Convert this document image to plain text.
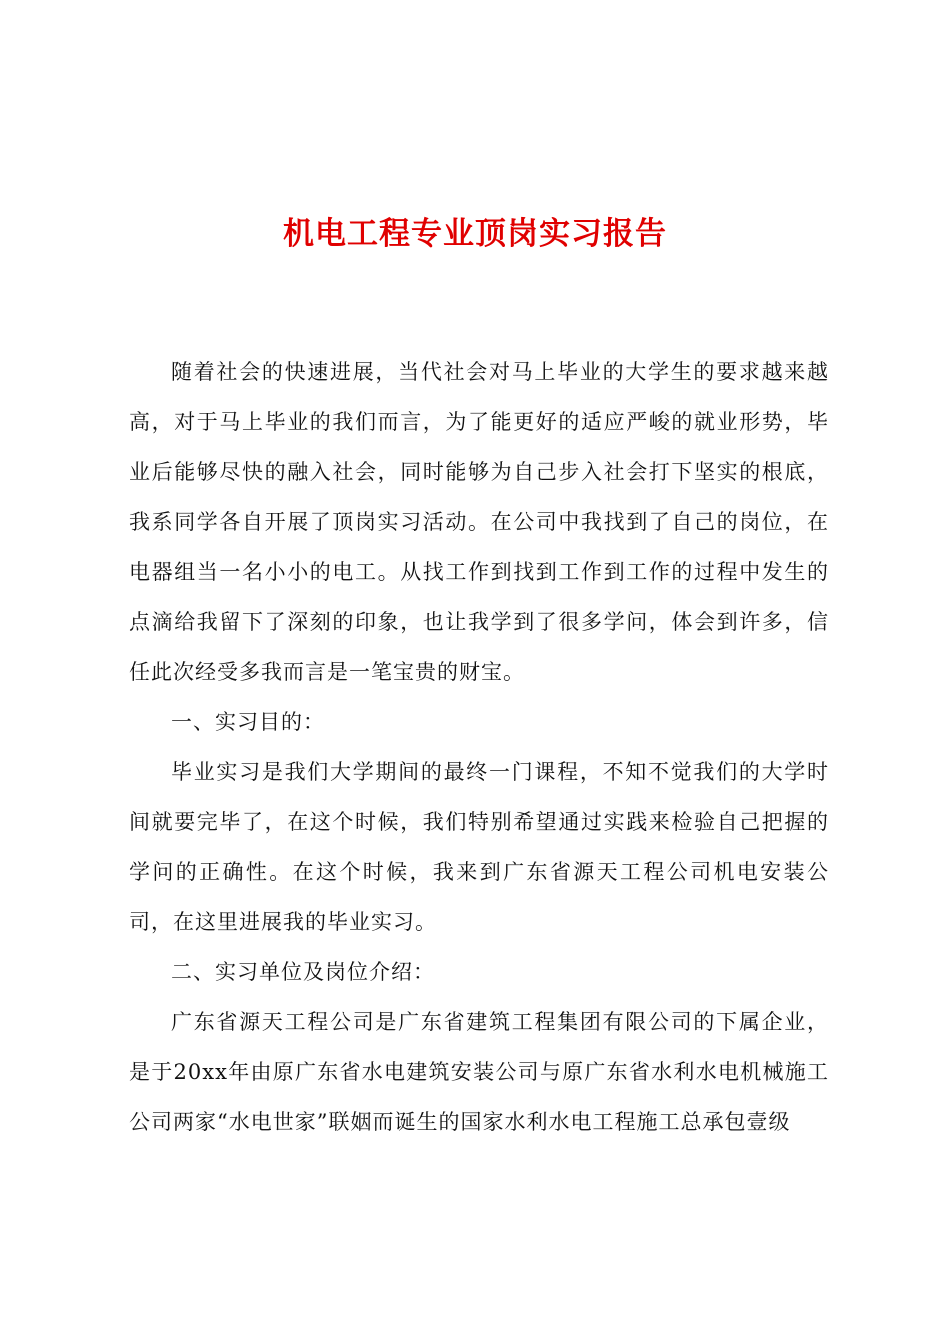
机电工程专业顶岗实习报告

随着社会的快速进展，当代社会对马上毕业的大学生的要求越来越高，对于马上毕业的我们而言，为了能更好的适应严峻的就业形势，毕业后能够尽快的融入社会，同时能够为自己步入社会打下坚实的根底，我系同学各自开展了顶岗实习活动。在公司中我找到了自己的岗位，在电器组当一名小小的电工。从找工作到找到工作到工作的过程中发生的点滴给我留下了深刻的印象，也让我学到了很多学问，体会到许多，信任此次经受多我而言是一笔宝贵的财宝。

一、实习目的：

毕业实习是我们大学期间的最终一门课程，不知不觉我们的大学时间就要完毕了，在这个时候，我们特别希望通过实践来检验自己把握的学问的正确性。在这个时候，我来到广东省源天工程公司机电安装公司，在这里进展我的毕业实习。

二、实习单位及岗位介绍：

广东省源天工程公司是广东省建筑工程集团有限公司的下属企业，是于20xx年由原广东省水电建筑安装公司与原广东省水利水电机械施工公司两家“水电世家”联姻而诞生的国家水利水电工程施工总承包壹级
